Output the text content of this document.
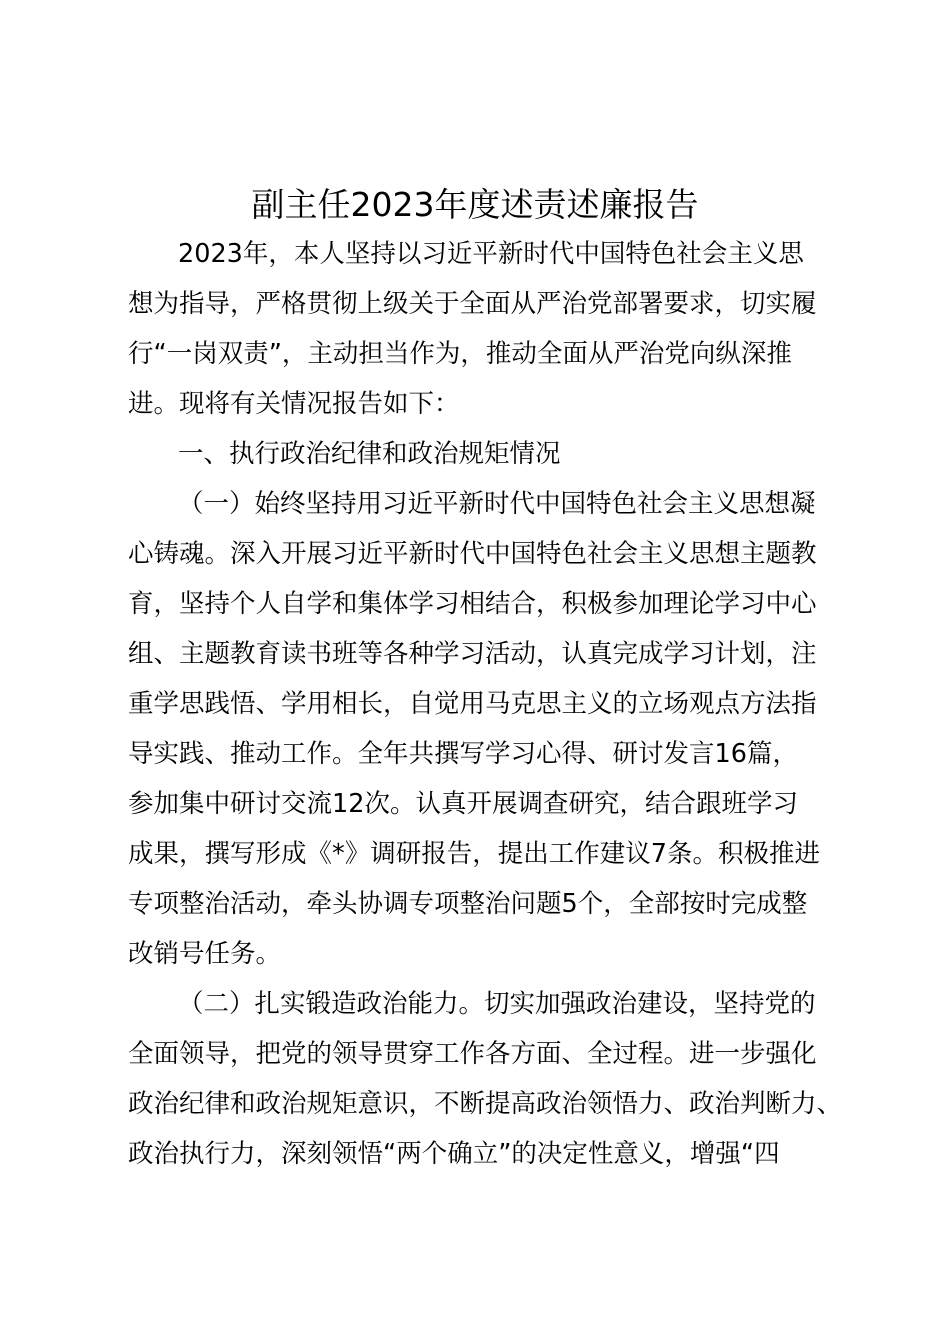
副主任2023年度述责述廉报告

2023年，本人坚持以习近平新时代中国特色社会主义思

想为指导，严格贯彻上级关于全面从严治党部署要求，切实履

行“一岗双责”，主动担当作为，推动全面从严治党向纵深推

进。现将有关情况报告如下：

一、执行政治纪律和政治规矩情况

（一）始终坚持用习近平新时代中国特色社会主义思想凝

心铸魂。深入开展习近平新时代中国特色社会主义思想主题教

育，坚持个人自学和集体学习相结合，积极参加理论学习中心

组、主题教育读书班等各种学习活动，认真完成学习计划，注

重学思践悟、学用相长，自觉用马克思主义的立场观点方法指

导实践、推动工作。全年共撰写学习心得、研讨发言16篇，

参加集中研讨交流12次。认真开展调查研究，结合跟班学习

成果，撰写形成《*》调研报告，提出工作建议7条。积极推进

专项整治活动，牵头协调专项整治问题5个，全部按时完成整

改销号任务。

（二）扎实锻造政治能力。切实加强政治建设，坚持党的

全面领导，把党的领导贯穿工作各方面、全过程。进一步强化

政治纪律和政治规矩意识，不断提高政治领悟力、政治判断力、

政治执行力，深刻领悟“两个确立”的决定性意义，增强“四
